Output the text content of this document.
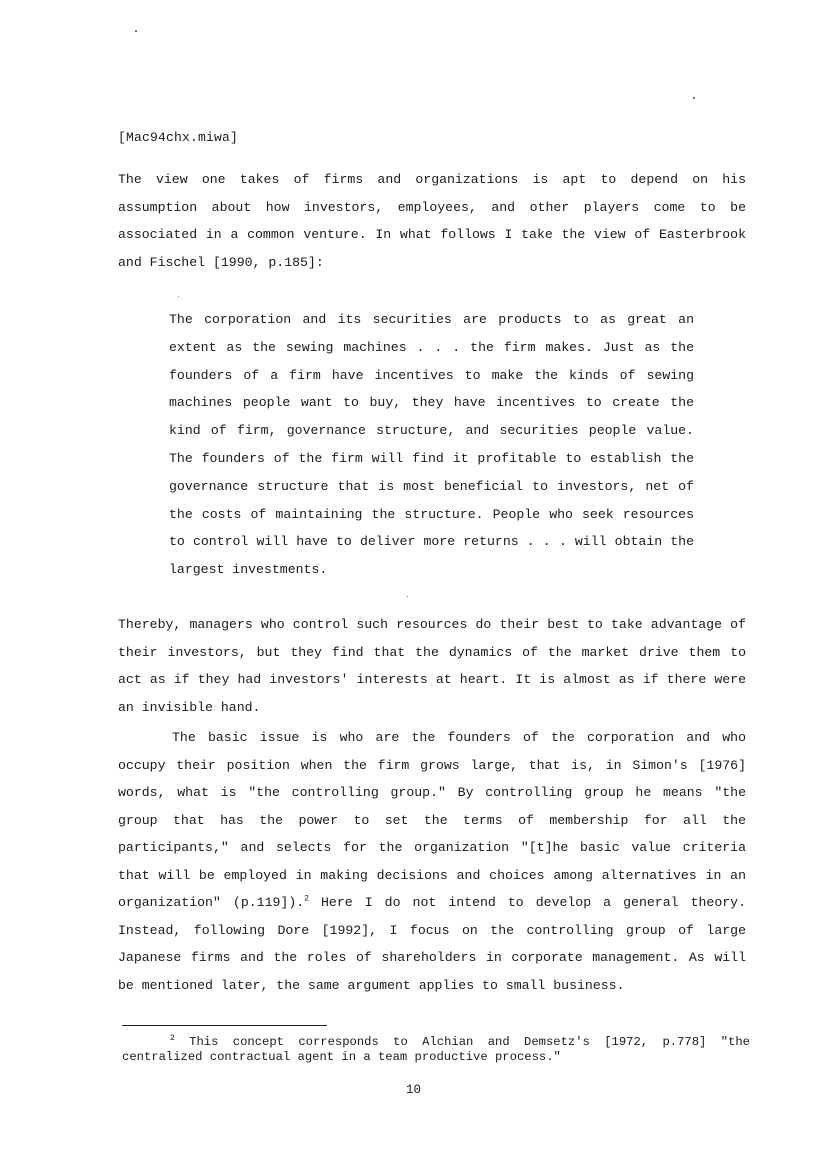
[Mac94chx.miwa]

The view one takes of firms and organizations is apt to depend on his assumption about how investors, employees, and other players come to be associated in a common venture. In what follows I take the view of Easterbrook and Fischel [1990, p.185]:

The corporation and its securities are products to as great an extent as the sewing machines . . . the firm makes. Just as the founders of a firm have incentives to make the kinds of sewing machines people want to buy, they have incentives to create the kind of firm, governance structure, and securities people value. The founders of the firm will find it profitable to establish the governance structure that is most beneficial to investors, net of the costs of maintaining the structure. People who seek resources to control will have to deliver more returns . . . will obtain the largest investments.

Thereby, managers who control such resources do their best to take advantage of their investors, but they find that the dynamics of the market drive them to act as if they had investors' interests at heart. It is almost as if there were an invisible hand.

The basic issue is who are the founders of the corporation and who occupy their position when the firm grows large, that is, in Simon's [1976] words, what is "the controlling group." By controlling group he means "the group that has the power to set the terms of membership for all the participants," and selects for the organization "[t]he basic value criteria that will be employed in making decisions and choices among alternatives in an organization" (p.119]).$^2$ Here I do not intend to develop a general theory. Instead, following Dore [1992], I focus on the controlling group of large Japanese firms and the roles of shareholders in corporate management. As will be mentioned later, the same argument applies to small business.

$^2$ This concept corresponds to Alchian and Demsetz's [1972, p.778] "the centralized contractual agent in a team productive process."

10
